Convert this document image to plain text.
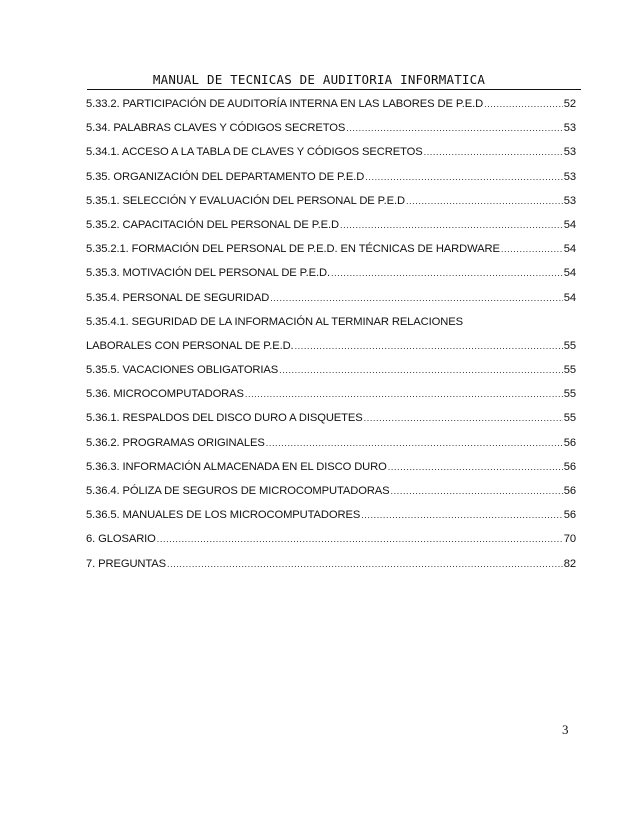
MANUAL DE TECNICAS DE AUDITORIA INFORMATICA
5.33.2. PARTICIPACIÓN DE AUDITORÍA INTERNA EN LAS LABORES DE P.E.D .....	52
5.34. PALABRAS CLAVES Y CÓDIGOS SECRETOS .....	53
5.34.1. ACCESO A LA TABLA DE CLAVES Y CÓDIGOS SECRETOS .....	53
5.35. ORGANIZACIÓN DEL DEPARTAMENTO DE P.E.D .....	53
5.35.1. SELECCIÓN Y EVALUACIÓN DEL PERSONAL DE P.E.D .....	53
5.35.2. CAPACITACIÓN DEL PERSONAL DE P.E.D .....	54
5.35.2.1. FORMACIÓN DEL PERSONAL DE P.E.D. EN TÉCNICAS DE HARDWARE .....	54
5.35.3. MOTIVACIÓN DEL PERSONAL DE P.E.D. .....	54
5.35.4. PERSONAL DE SEGURIDAD .....	54
5.35.4.1. SEGURIDAD DE LA INFORMACIÓN AL TERMINAR RELACIONES
LABORALES CON PERSONAL DE P.E.D. .....	55
5.35.5. VACACIONES OBLIGATORIAS .....	55
5.36. MICROCOMPUTADORAS .....	55
5.36.1. RESPALDOS DEL DISCO DURO A DISQUETES .....	55
5.36.2. PROGRAMAS ORIGINALES .....	56
5.36.3. INFORMACIÓN ALMACENADA EN EL DISCO DURO .....	56
5.36.4. PÓLIZA DE SEGUROS DE MICROCOMPUTADORAS .....	56
5.36.5. MANUALES DE LOS MICROCOMPUTADORES .....	56
6. GLOSARIO .....	70
7. PREGUNTAS .....	82
3
